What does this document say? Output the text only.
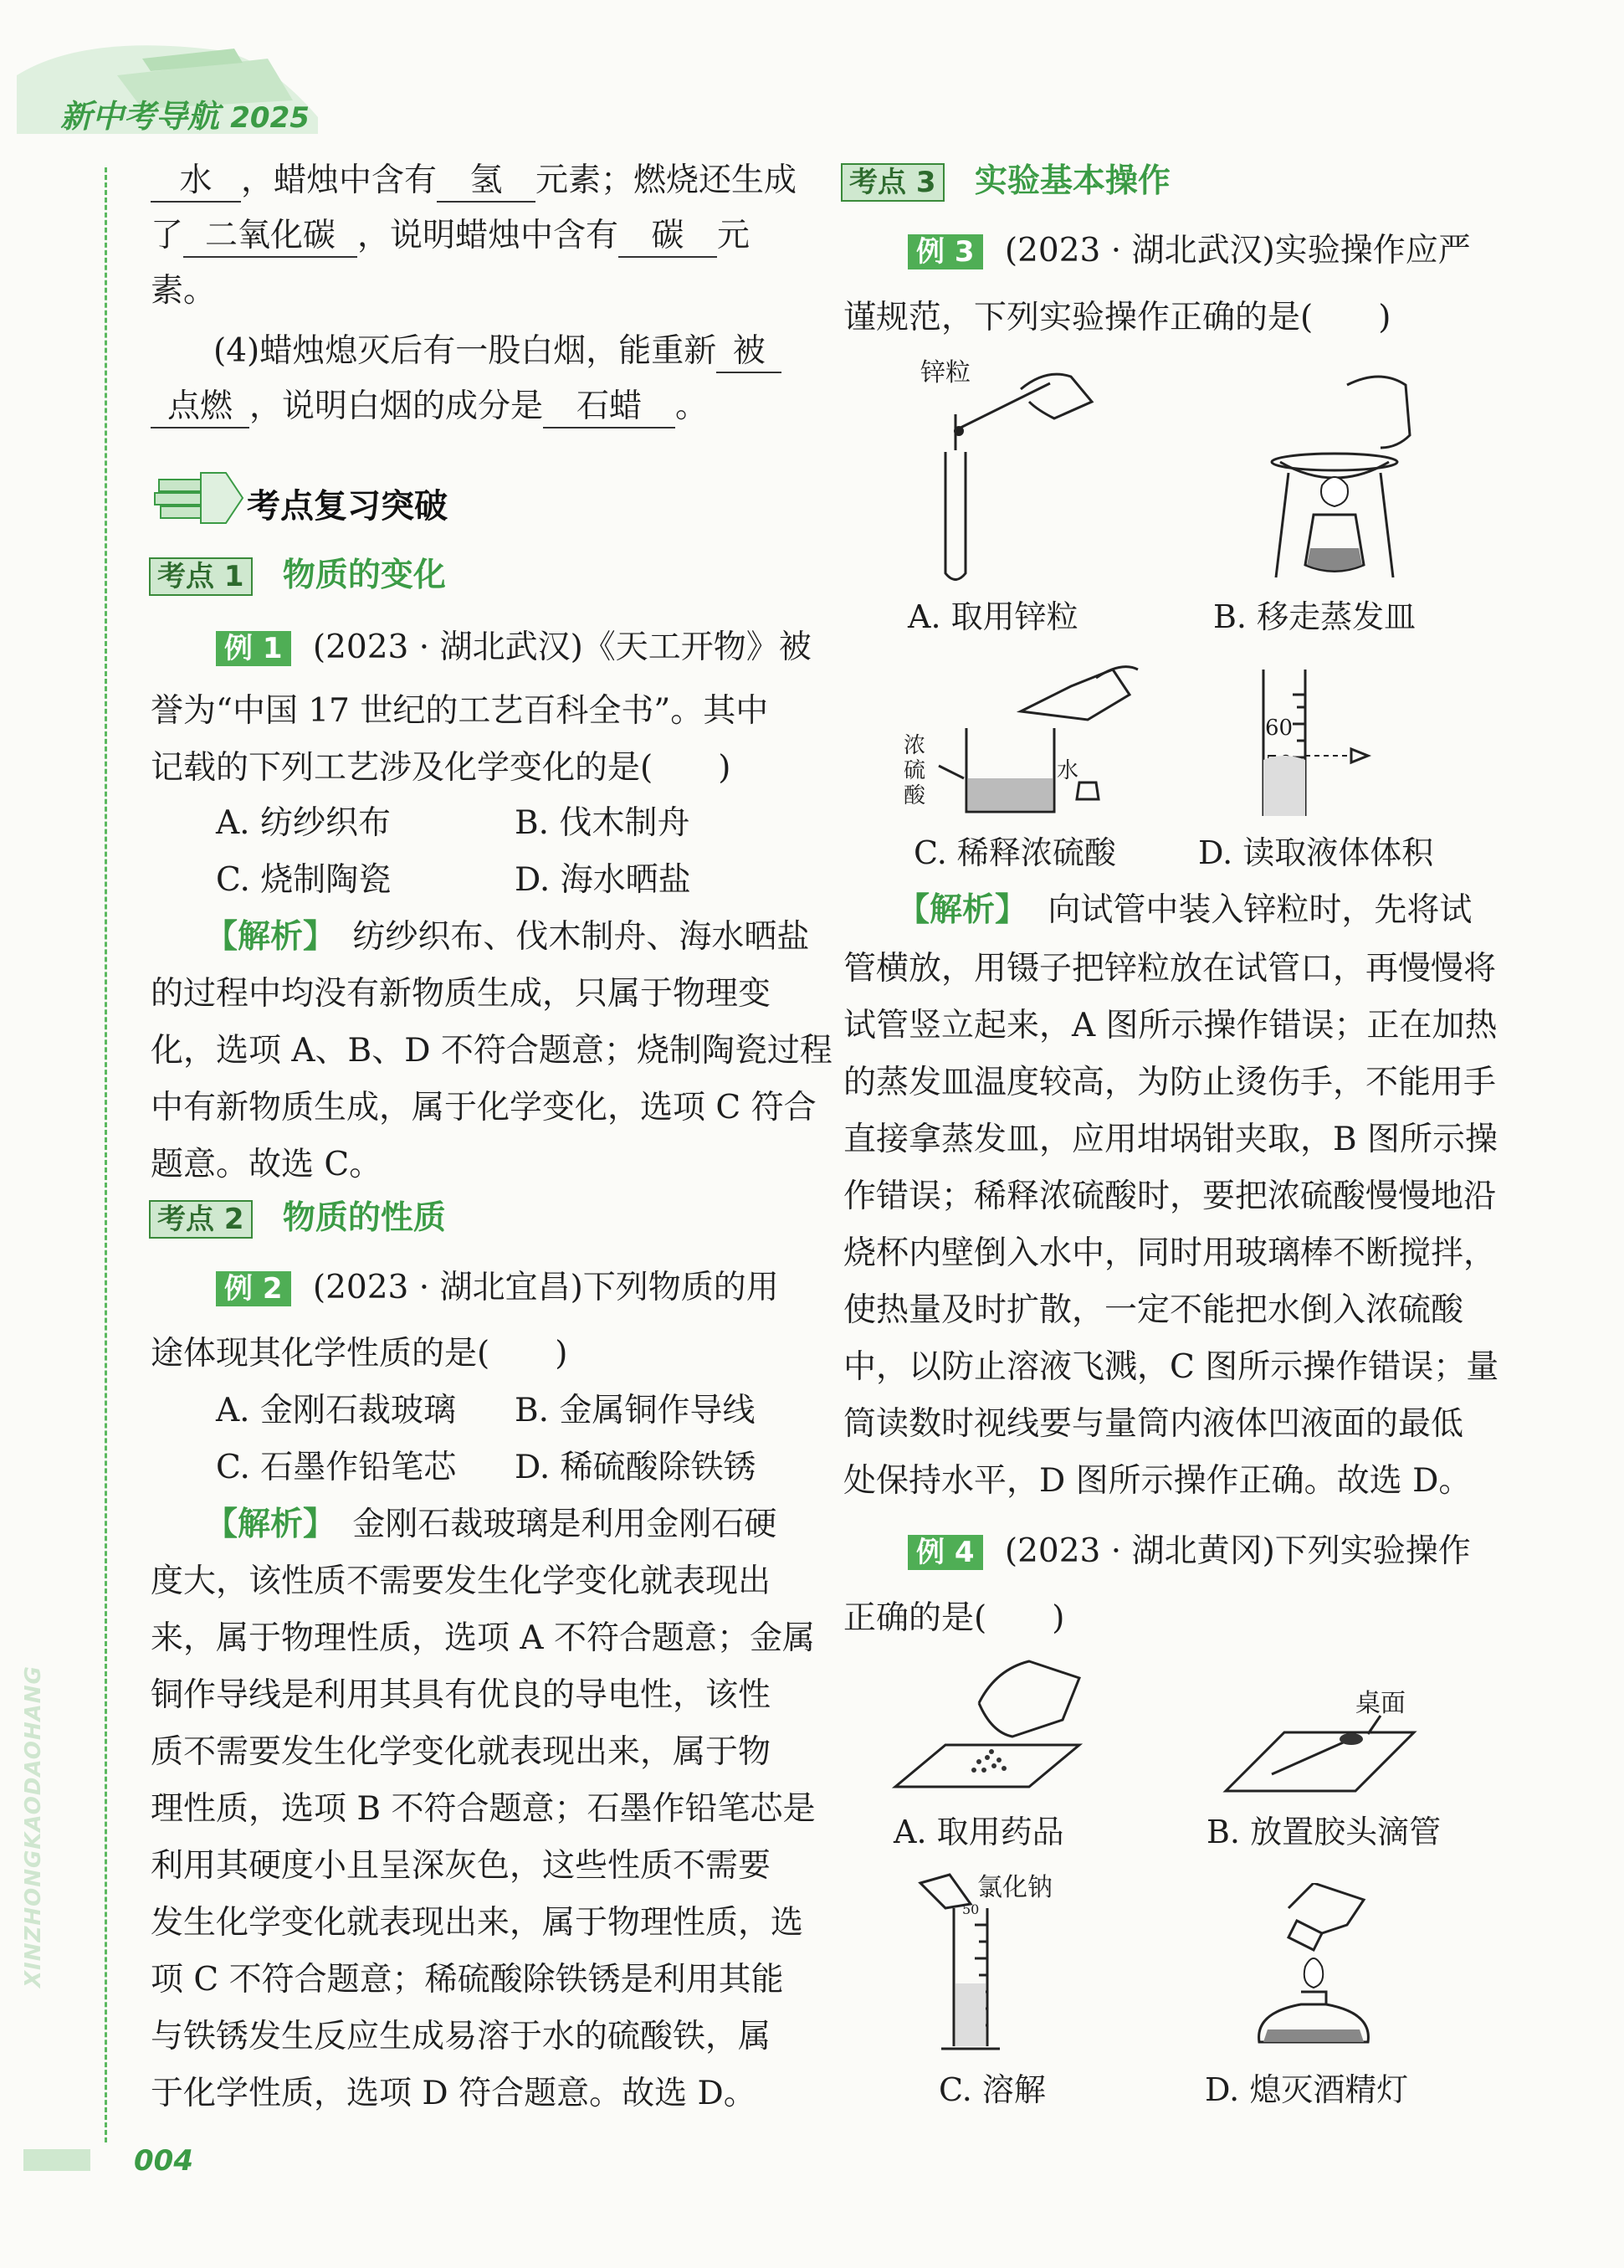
新中考导航 2025
XINZHONGKAODAOHANG
004
水 ，蜡烛中含有 氢 元素；燃烧还生成
了 二氧化碳 ，说明蜡烛中含有 碳 元
素。
(4)蜡烛熄灭后有一股白烟，能重新 被
点燃 ，说明白烟的成分是 石蜡 。
考点复习突破
考点 1 物质的变化
例 1 (2023 · 湖北武汉)《天工开物》被
誉为“中国 17 世纪的工艺百科全书”。其中
记载的下列工艺涉及化学变化的是(　　)
A. 纺纱织布	B. 伐木制舟
C. 烧制陶瓷	D. 海水晒盐
【解析】 纺纱织布、伐木制舟、海水晒盐
的过程中均没有新物质生成，只属于物理变
化，选项 A、B、D 不符合题意；烧制陶瓷过程
中有新物质生成，属于化学变化，选项 C 符合
题意。故选 C。
考点 2 物质的性质
例 2 (2023 · 湖北宜昌)下列物质的用
途体现其化学性质的是(　　)
A. 金刚石裁玻璃 B. 金属铜作导线
C. 石墨作铅笔芯 D. 稀硫酸除铁锈
【解析】 金刚石裁玻璃是利用金刚石硬
度大，该性质不需要发生化学变化就表现出
来，属于物理性质，选项 A 不符合题意；金属
铜作导线是利用其具有优良的导电性，该性
质不需要发生化学变化就表现出来，属于物
理性质，选项 B 不符合题意；石墨作铅笔芯是
利用其硬度小且呈深灰色，这些性质不需要
发生化学变化就表现出来，属于物理性质，选
项 C 不符合题意；稀硫酸除铁锈是利用其能
与铁锈发生反应生成易溶于水的硫酸铁，属
于化学性质，选项 D 符合题意。故选 D。
考点 3 实验基本操作
例 3 (2023 · 湖北武汉)实验操作应严
谨规范，下列实验操作正确的是(　　)
锌粒
A. 取用锌粒	B. 移走蒸发皿
浓
硫
酸
水
C. 稀释浓硫酸
60
D. 读取液体体积
【解析】 向试管中装入锌粒时，先将试
管横放，用镊子把锌粒放在试管口，再慢慢将
试管竖立起来，A 图所示操作错误；正在加热
的蒸发皿温度较高，为防止烫伤手，不能用手
直接拿蒸发皿，应用坩埚钳夹取，B 图所示操
作错误；稀释浓硫酸时，要把浓硫酸慢慢地沿
烧杯内壁倒入水中，同时用玻璃棒不断搅拌，
使热量及时扩散，一定不能把水倒入浓硫酸
中，以防止溶液飞溅，C 图所示操作错误；量
筒读数时视线要与量筒内液体凹液面的最低
处保持水平，D 图所示操作正确。故选 D。
例 4 (2023 · 湖北黄冈)下列实验操作
正确的是(　　)
A. 取用药品
桌面
B. 放置胶头滴管
氯化钠
50
C. 溶解	D. 熄灭酒精灯
